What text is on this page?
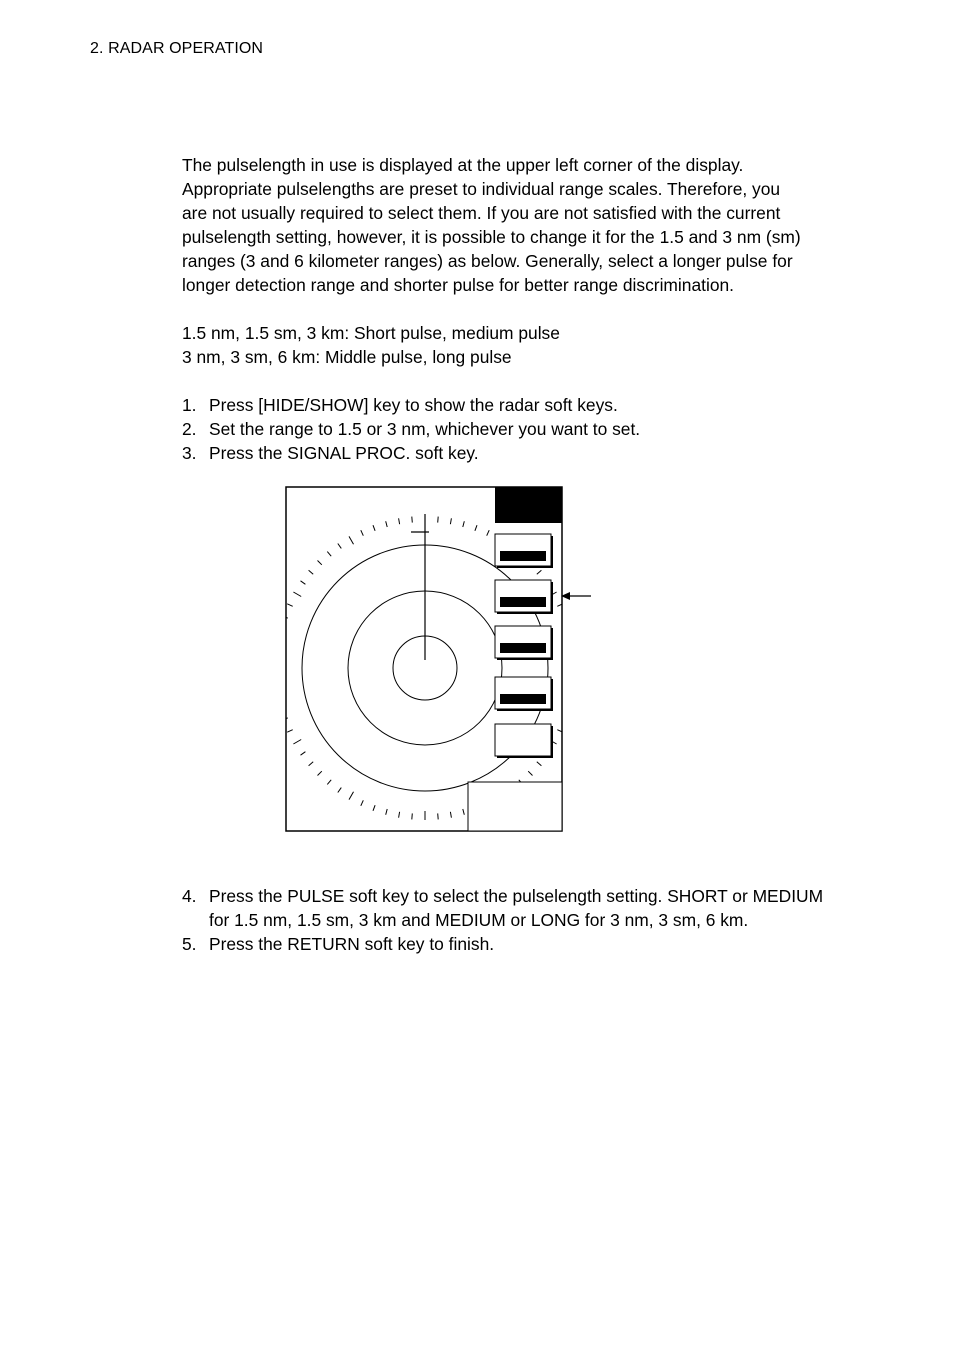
2. RADAR OPERATION

The pulselength in use is displayed at the upper left corner of the display.
Appropriate pulselengths are preset to individual range scales. Therefore, you
are not usually required to select them. If you are not satisfied with the current
pulselength setting, however, it is possible to change it for the 1.5 and 3 nm (sm)
ranges (3 and 6 kilometer ranges) as below. Generally, select a longer pulse for
longer detection range and shorter pulse for better range discrimination.

1.5 nm, 1.5 sm, 3 km: Short pulse, medium pulse
3 nm, 3 sm, 6 km: Middle pulse, long pulse

1. Press [HIDE/SHOW] key to show the radar soft keys.
2. Set the range to 1.5 or 3 nm, whichever you want to set.
3. Press the SIGNAL PROC. soft key.
4. Press the PULSE soft key to select the pulselength setting. SHORT or MEDIUM for 1.5 nm, 1.5 sm, 3 km and MEDIUM or LONG for 3 nm, 3 sm, 6 km.
5. Press the RETURN soft key to finish.
